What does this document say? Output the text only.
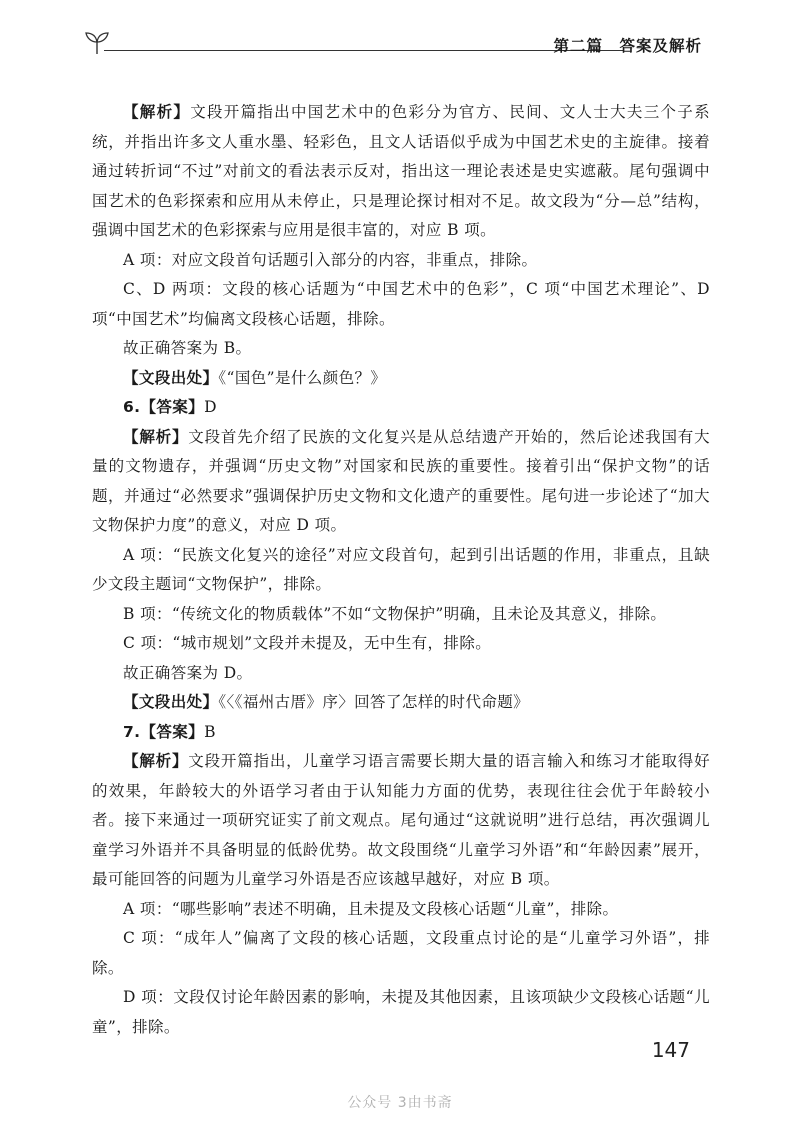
第二篇　答案及解析

【解析】文段开篇指出中国艺术中的色彩分为官方、民间、文人士大夫三个子系统，并指出许多文人重水墨、轻彩色，且文人话语似乎成为中国艺术史的主旋律。接着通过转折词“不过”对前文的看法表示反对，指出这一理论表述是史实遮蔽。尾句强调中国艺术的色彩探索和应用从未停止，只是理论探讨相对不足。故文段为“分—总”结构，强调中国艺术的色彩探索与应用是很丰富的，对应 B 项。

A 项：对应文段首句话题引入部分的内容，非重点，排除。

C、D 两项：文段的核心话题为“中国艺术中的色彩”，C 项“中国艺术理论”、D 项“中国艺术”均偏离文段核心话题，排除。

故正确答案为 B。

【文段出处】《“国色”是什么颜色？》

6.【答案】D

【解析】文段首先介绍了民族的文化复兴是从总结遗产开始的，然后论述我国有大量的文物遗存，并强调“历史文物”对国家和民族的重要性。接着引出“保护文物”的话题，并通过“必然要求”强调保护历史文物和文化遗产的重要性。尾句进一步论述了“加大文物保护力度”的意义，对应 D 项。

A 项：“民族文化复兴的途径”对应文段首句，起到引出话题的作用，非重点，且缺少文段主题词“文物保护”，排除。

B 项：“传统文化的物质载体”不如“文物保护”明确，且未论及其意义，排除。

C 项：“城市规划”文段并未提及，无中生有，排除。

故正确答案为 D。

【文段出处】《〈《福州古厝》序〉回答了怎样的时代命题》

7.【答案】B

【解析】文段开篇指出，儿童学习语言需要长期大量的语言输入和练习才能取得好的效果，年龄较大的外语学习者由于认知能力方面的优势，表现往往会优于年龄较小者。接下来通过一项研究证实了前文观点。尾句通过“这就说明”进行总结，再次强调儿童学习外语并不具备明显的低龄优势。故文段围绕“儿童学习外语”和“年龄因素”展开，最可能回答的问题为儿童学习外语是否应该越早越好，对应 B 项。

A 项：“哪些影响”表述不明确，且未提及文段核心话题“儿童”，排除。

C 项：“成年人”偏离了文段的核心话题，文段重点讨论的是“儿童学习外语”，排除。

D 项：文段仅讨论年龄因素的影响，未提及其他因素，且该项缺少文段核心话题“儿童”，排除。

147
公众号 3由书斋
